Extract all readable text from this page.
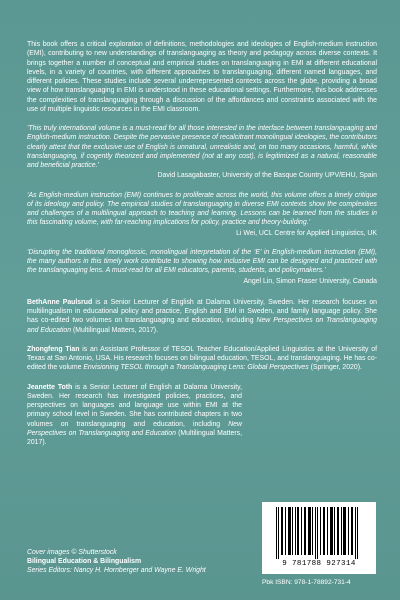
This book offers a critical exploration of definitions, methodologies and ideologies of English-medium instruction (EMI), contributing to new understandings of translanguaging as theory and pedagogy across diverse contexts. It brings together a number of conceptual and empirical studies on translanguaging in EMI at different educational levels, in a variety of countries, with different approaches to translanguaging, different named languages, and different policies. These studies include several underrepresented contexts across the globe, providing a broad view of how translanguaging in EMI is understood in these educational settings. Furthermore, this book addresses the complexities of translanguaging through a discussion of the affordances and constraints associated with the use of multiple linguistic resources in the EMI classroom.

‘This truly international volume is a must-read for all those interested in the interface between translanguaging and English-medium instruction. Despite the pervasive presence of recalcitrant monolingual ideologies, the contributors clearly attest that the exclusive use of English is unnatural, unrealistic and, on too many occasions, harmful, while translanguaging, if cogently theorized and implemented (not at any cost), is legitimized as a natural, reasonable and beneficial practice.’

David Lasagabaster, University of the Basque Country UPV/EHU, Spain

‘As English-medium instruction (EMI) continues to proliferate across the world, this volume offers a timely critique of its ideology and policy. The empirical studies of translanguaging in diverse EMI contexts show the complexities and challenges of a multilingual approach to teaching and learning. Lessons can be learned from the studies in this fascinating volume, with far-reaching implications for policy, practice and theory-building.’

Li Wei, UCL Centre for Applied Linguistics, UK

‘Disrupting the traditional monoglossic, monolingual interpretation of the ‘E’ in English-medium instruction (EMI), the many authors in this timely work contribute to showing how inclusive EMI can be designed and practiced with the translanguaging lens. A must-read for all EMI educators, parents, students, and policymakers.’

Angel Lin, Simon Fraser University, Canada

BethAnne Paulsrud is a Senior Lecturer of English at Dalarna University, Sweden. Her research focuses on multilingualism in educational policy and practice, English and EMI in Sweden, and family language policy. She has co-edited two volumes on translanguaging and education, including New Perspectives on Translanguaging and Education (Multilingual Matters, 2017).

Zhongfeng Tian is an Assistant Professor of TESOL Teacher Education/Applied Linguistics at the University of Texas at San Antonio, USA. His research focuses on bilingual education, TESOL, and translanguaging. He has co-edited the volume Envisioning TESOL through a Translanguaging Lens: Global Perspectives (Springer, 2020).

Jeanette Toth is a Senior Lecturer of English at Dalarna University, Sweden. Her research has investigated policies, practices, and perspectives on languages and language use within EMI at the primary school level in Sweden. She has contributed chapters in two volumes on translanguaging and education, including New Perspectives on Translanguaging and Education (Multilingual Matters, 2017).

Cover images © Shutterstock
Bilingual Education & Bilingualism
Series Editors: Nancy H. Hornberger and Wayne E. Wright
9 781788 927314
Pbk ISBN: 978-1-78892-731-4
